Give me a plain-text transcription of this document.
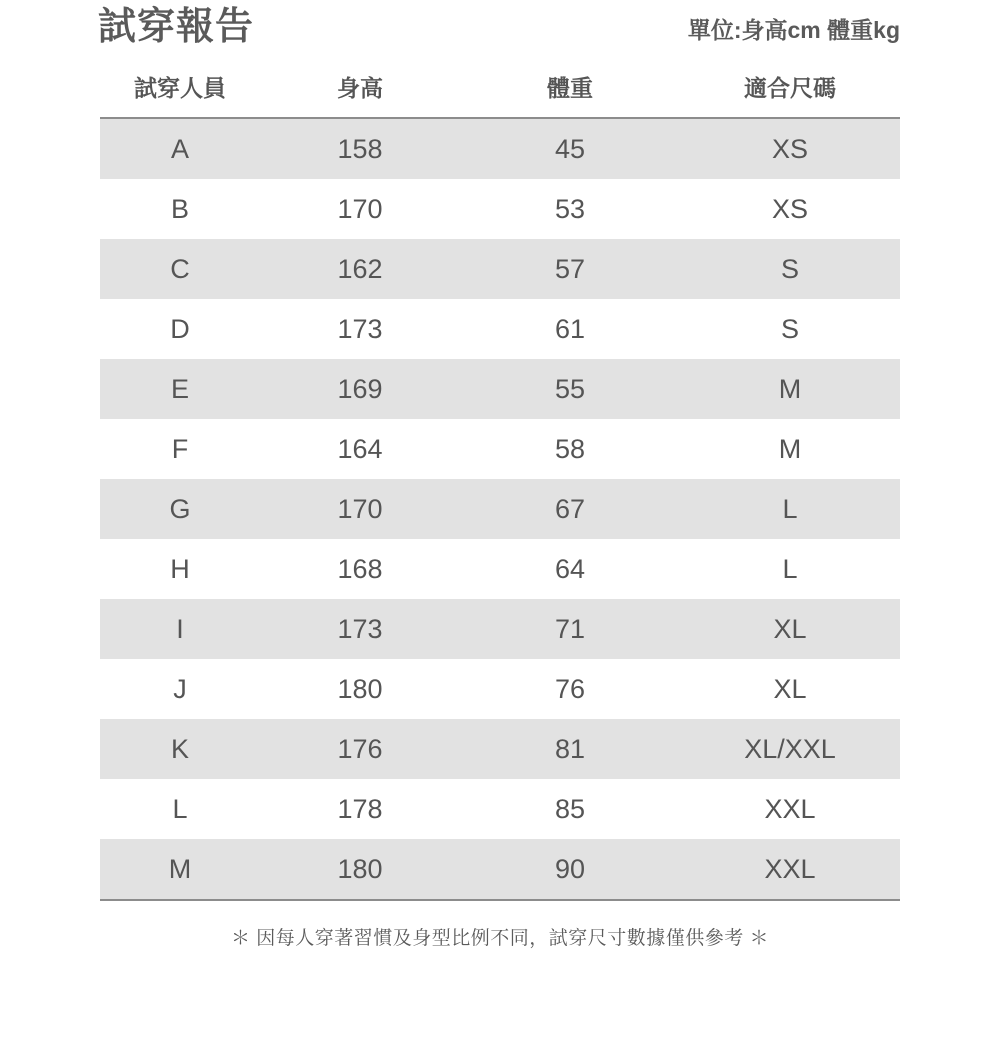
試穿報告	單位:身高cm 體重kg
試穿人員	身高	體重	適合尺碼
A	158	45	XS
B	170	53	XS
C	162	57	S
D	173	61	S
E	169	55	M
F	164	58	M
G	170	67	L
H	168	64	L
I	173	71	XL
J	180	76	XL
K	176	81	XL/XXL
L	178	85	XXL
M	180	90	XXL
＊ 因每人穿著習慣及身型比例不同，試穿尺寸數據僅供參考 ＊
